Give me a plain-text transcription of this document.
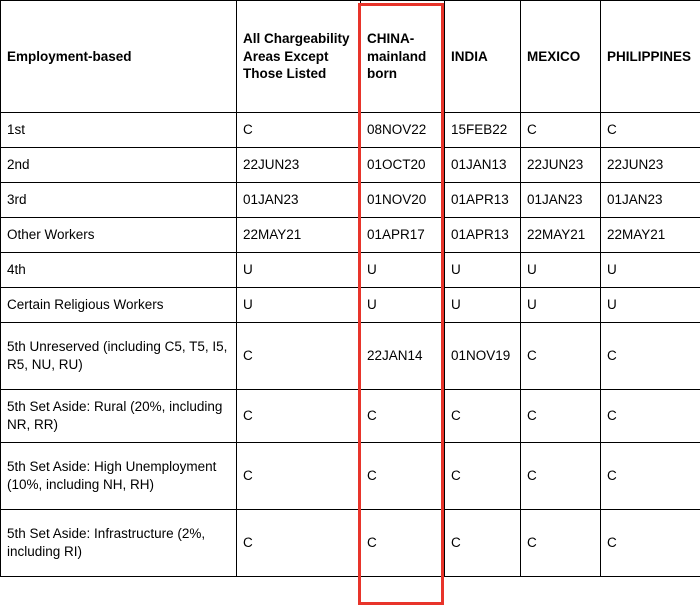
Employment-based	All Chargeability Areas Except Those Listed	CHINA-mainland born	INDIA	MEXICO	PHILIPPINES
1st	C	08NOV22	15FEB22	C	C
2nd	22JUN23	01OCT20	01JAN13	22JUN23	22JUN23
3rd	01JAN23	01NOV20	01APR13	01JAN23	01JAN23
Other Workers	22MAY21	01APR17	01APR13	22MAY21	22MAY21
4th	U	U	U	U	U
Certain Religious Workers	U	U	U	U	U
5th Unreserved (including C5, T5, I5, R5, NU, RU)	C	22JAN14	01NOV19	C	C
5th Set Aside: Rural (20%, including NR, RR)	C	C	C	C	C
5th Set Aside: High Unemployment (10%, including NH, RH)	C	C	C	C	C
5th Set Aside: Infrastructure (2%, including RI)	C	C	C	C	C
